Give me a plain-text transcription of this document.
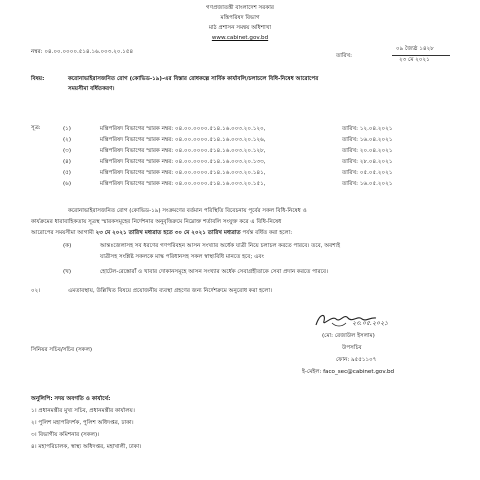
গণপ্রজাতন্ত্রী বাংলাদেশ সরকার
মন্ত্রিপরিষদ বিভাগ
মাঠ প্রশাসন সমন্বয় অধিশাখা
www.cabinet.gov.bd
নম্বর: ০৪.০০.০০০০.৫১৪.১৬.০০৩.২০.১৫৪
তারিখ:
০৯ জ্যৈষ্ঠ ১৪২৮
২৩ মে ২০২১
বিষয়:	করোনাভাইরাসজনিত রোগ (কোভিড-১৯)-এর বিস্তার রোধকল্পে সার্বিক কার্যাবলি/চলাচলে বিধি-নিষেধ আরোপের
সময়সীমা বর্ধিতকরণ।
সূত্র:	(১)	মন্ত্রিপরিষদ বিভাগের স্মারক নম্বর: ০৪.০০.০০০০.৫১৪.১৬.০০৩.২০.১২০,	তারিখ: ১২.০৪.২০২১
(২)	মন্ত্রিপরিষদ বিভাগের স্মারক নম্বর: ০৪.০০.০০০০.৫১৪.১৬.০০৩.২০.১২৬,	তারিখ: ১৬.০৪.২০২১
(৩)	মন্ত্রিপরিষদ বিভাগের স্মারক নম্বর: ০৪.০০.০০০০.৫১৪.১৬.০০৩.২০.১২৮,	তারিখ: ২০.০৪.২০২১
(৪)	মন্ত্রিপরিষদ বিভাগের স্মারক নম্বর: ০৪.০০.০০০০.৫১৪.১৬.০০৩.২০.১৩৩,	তারিখ: ২৮.০৪.২০২১
(৫)	মন্ত্রিপরিষদ বিভাগের স্মারক নম্বর: ০৪.০০.০০০০.৫১৪.১৬.০০৩.২০.১৪১,	তারিখ: ০৫.০৫.২০২১
(৬)	মন্ত্রিপরিষদ বিভাগের স্মারক নম্বর: ০৪.০০.০০০০.৫১৪.১৬.০০৩.২০.১৫১,	তারিখ: ১৬.০৫.২০২১
করোনাভাইরাসজনিত রোগ (কোভিড-১৯) সংক্রমণের বর্তমান পরিস্থিতি বিবেচনায় পূর্বের সকল বিধি-নিষেধ ও
কার্যক্রমের ধারাবাহিকতায় সূত্রস্থ স্মারকসমূহের নির্দেশনার অনুবৃত্তিক্রমে নিম্নোক্ত শর্তাবলি সংযুক্ত করে এ বিধি-নিষেধ
আরোপের সময়সীমা আগামী ২৩ মে ২০২১ তারিখ মধ্যরাত হতে ৩০ মে ২০২১ তারিখ মধ্যরাত পর্যন্ত বর্ধিত করা হলো:
(ক)	আন্তঃজেলাসহ সব ধরণের গণপরিবহন আসন সংখ্যার অর্ধেক যাত্রী নিয়ে চলাচল করতে পারবে। তবে, অবশ্যই
যাত্রীসহ সংশ্লিষ্ট সকলকে মাস্ক পরিধানসহ সকল স্বাস্থ্যবিধি মানতে হবে; এবং
(খ)	হোটেল-রেস্তোরাঁ ও খাবার দোকানসমূহে আসন সংখ্যার অর্ধেক সেবাগ্রহীতাকে সেবা প্রদান করতে পারবে।
০২।	এমতাবস্থায়, উল্লিখিত বিষয়ে প্রয়োজনীয় ব্যবস্থা গ্রহণের জন্য নির্দেশক্রমে অনুরোধ করা হলো।
২৩.০৫.২০২১
(মো: রেজাউল ইসলাম)
উপসচিব
ফোন: ৯৫৫১১০৭
ই-মেইল: faco_sec@cabinet.gov.bd
সিনিয়র সচিব/সচিব (সকল)
অনুলিপি: সদয় অবগতি ও কার্যার্থে:
১। প্রধানমন্ত্রীর মুখ্য সচিব, প্রধানমন্ত্রীর কার্যালয়।
২। পুলিশ মহাপরিদর্শক, পুলিশ অধিদপ্তর, ঢাকা।
৩। বিভাগীয় কমিশনার (সকল)।
৪। মহাপরিচালক, স্বাস্থ্য অধিদপ্তর, মহাখালী, ঢাকা।
